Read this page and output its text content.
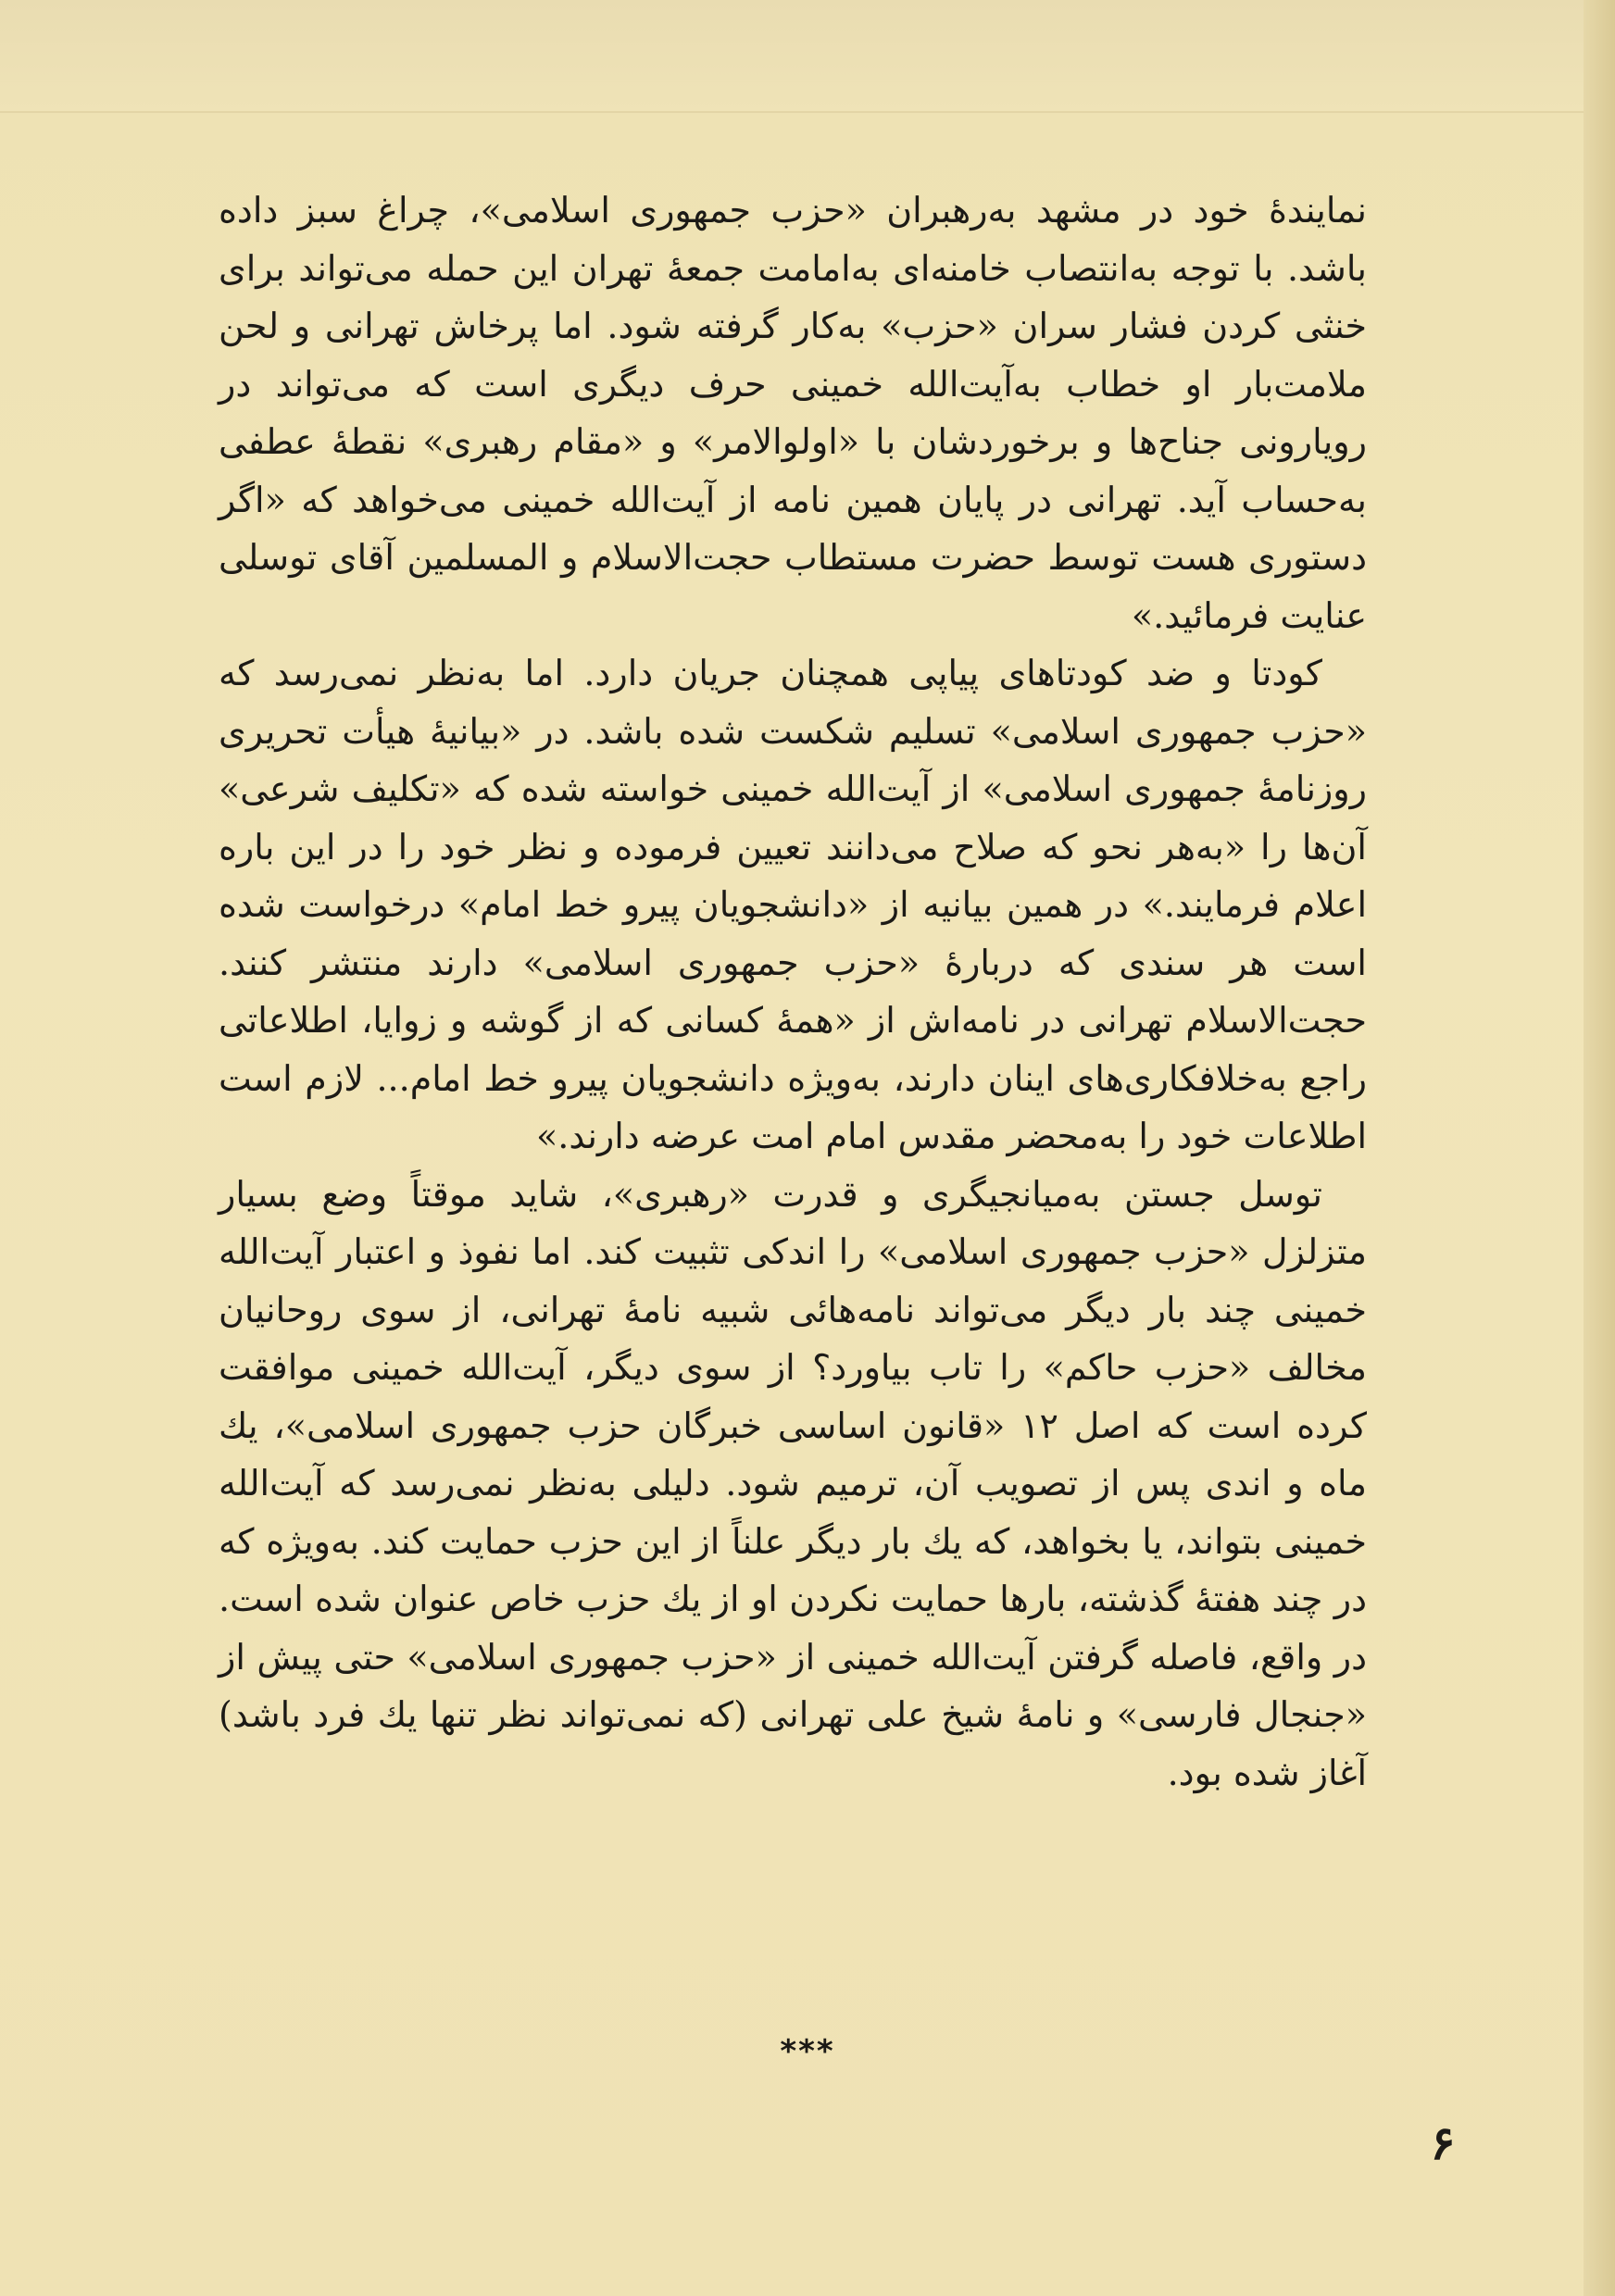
نمایندهٔ خود در مشهد به‌رهبران «حزب جمهوری اسلامی»، چراغ سبز داده باشد. با توجه به‌انتصاب خامنه‌ای به‌امامت جمعهٔ تهران این حمله می‌تواند برای خنثی کردن فشار سران «حزب» به‌کار گرفته شود. اما پرخاش تهرانی و لحن ملامت‌بار او خطاب به‌آیت‌الله خمینی حرف دیگری است که می‌تواند در رویارونی جناح‌ها و برخوردشان با «اولوالامر» و «مقام رهبری» نقطهٔ عطفی به‌حساب آید. تهرانی در پایان همین نامه از آیت‌الله خمینی می‌خواهد که «اگر دستوری هست توسط حضرت مستطاب حجت‌الاسلام و المسلمین آقای توسلی عنایت فرمائید.»

کودتا و ضد کودتاهای پیاپی همچنان جریان دارد. اما به‌نظر نمی‌رسد که «حزب جمهوری اسلامی» تسلیم شکست شده باشد. در «بیانیهٔ هیأت تحریری روزنامهٔ جمهوری اسلامی» از آیت‌الله خمینی خواسته شده که «تکلیف شرعی» آن‌ها را «به‌هر نحو که صلاح می‌دانند تعیین فرموده و نظر خود را در این باره اعلام فرمایند.» در همین بیانیه از «دانشجویان پیرو خط امام» درخواست شده است هر سندی که دربارهٔ «حزب جمهوری اسلامی» دارند منتشر کنند. حجت‌الاسلام تهرانی در نامه‌اش از «همهٔ کسانی که از گوشه و زوایا، اطلاعاتی راجع به‌خلافکاری‌های اینان دارند، به‌ویژه دانشجویان پیرو خط امام... لازم است اطلاعات خود را به‌محضر مقدس امام امت عرضه دارند.»

توسل جستن به‌میانجیگری و قدرت «رهبری»، شاید موقتاً وضع بسیار متزلزل «حزب جمهوری اسلامی» را اندکی تثبیت کند. اما نفوذ و اعتبار آیت‌الله خمینی چند بار دیگر می‌تواند نامه‌هائی شبیه نامهٔ تهرانی، از سوی روحانیان مخالف «حزب حاکم» را تاب بیاورد؟ از سوی دیگر، آیت‌الله خمینی موافقت کرده است که اصل ۱۲ «قانون اساسی خبرگان حزب جمهوری اسلامی»، یك ماه و اندی پس از تصویب آن، ترمیم شود. دلیلی به‌نظر نمی‌رسد که آیت‌الله خمینی بتواند، یا بخواهد، که یك بار دیگر علناً از این حزب حمایت کند. به‌ویژه که در چند هفتهٔ گذشته، بارها حمایت نکردن او از یك حزب خاص عنوان شده است. در واقع، فاصله گرفتن آیت‌الله خمینی از «حزب جمهوری اسلامی» حتی پیش از «جنجال فارسی» و نامهٔ شیخ علی تهرانی (که نمی‌تواند نظر تنها یك فرد باشد) آغاز شده بود.

***
۶
